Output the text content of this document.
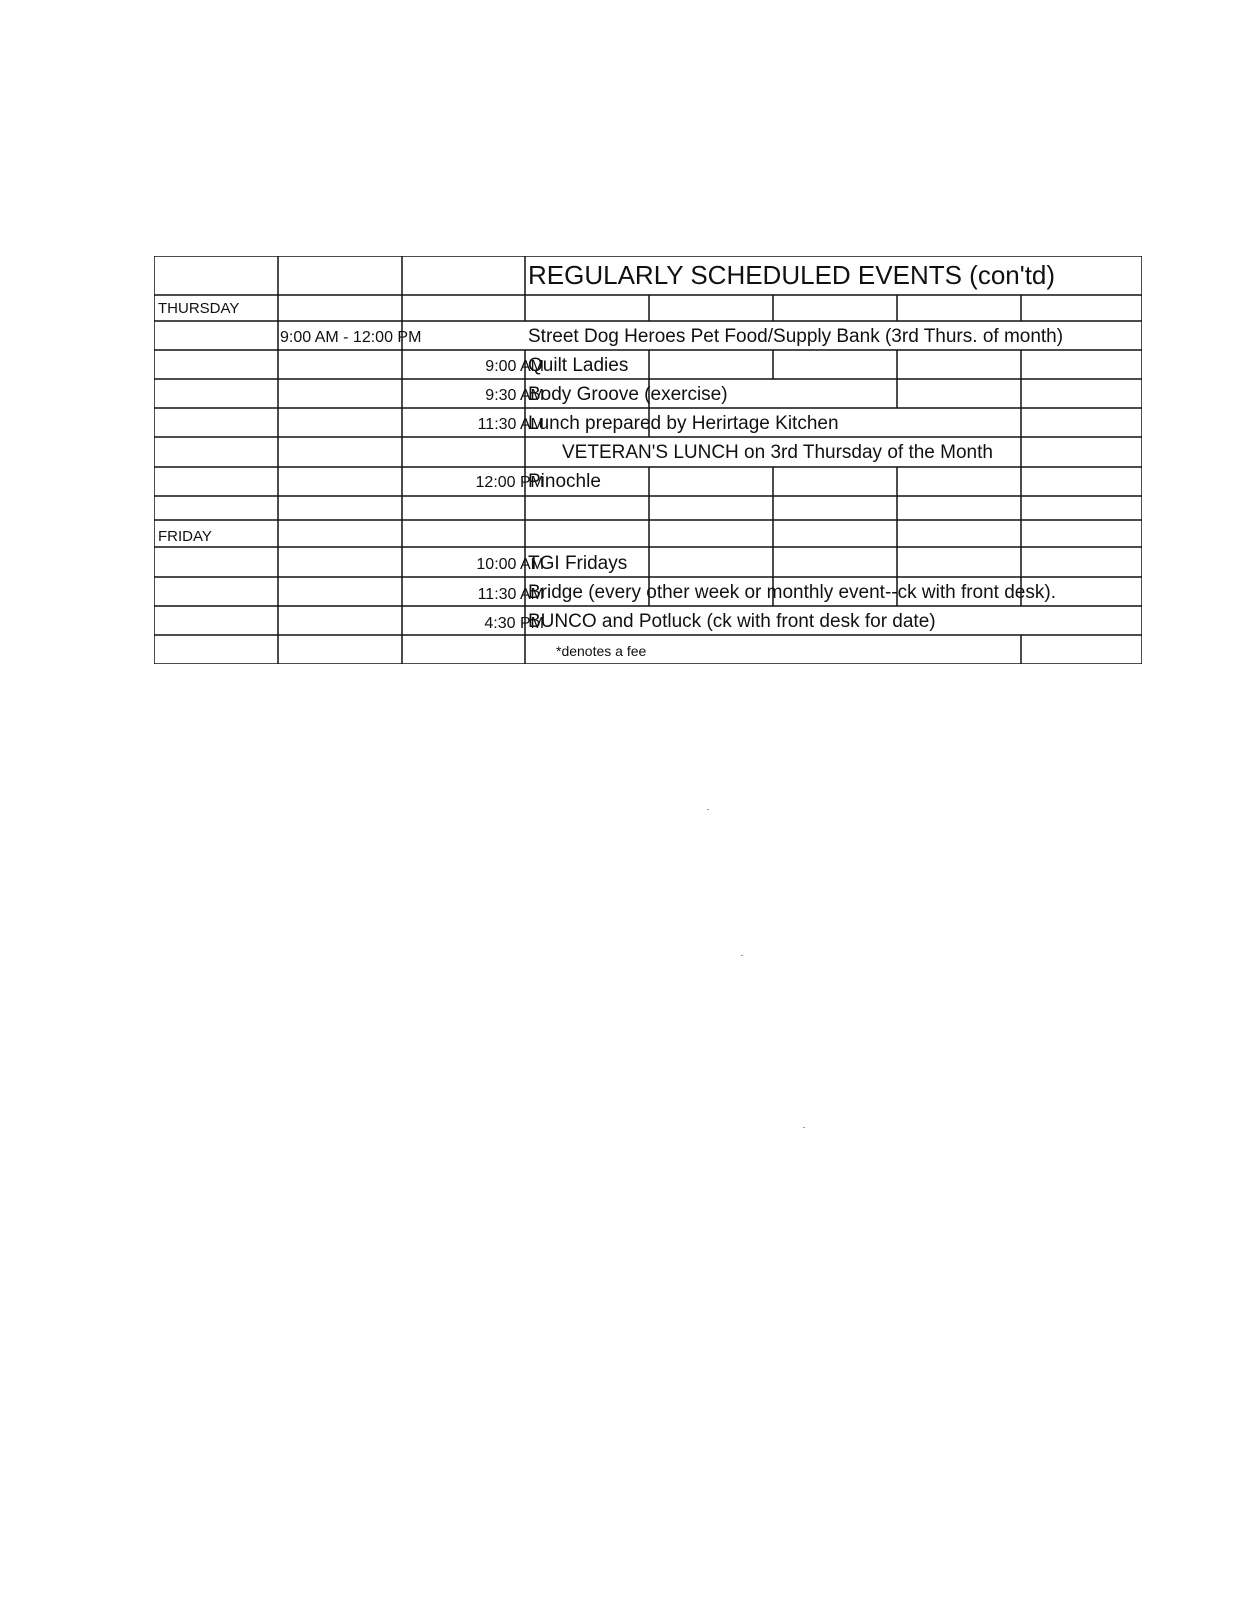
REGULARLY SCHEDULED EVENTS (con'td)
THURSDAY
9:00 AM - 12:00 PM	Street Dog Heroes Pet Food/Supply Bank (3rd Thurs. of month)
9:00 AM
Quilt Ladies
9:30 AM
Body Groove (exercise)
11:30 AM
Lunch prepared by Herirtage Kitchen
VETERAN'S LUNCH on 3rd Thursday of the Month
12:00 PM
Pinochle
FRIDAY
10:00 AM
TGI Fridays
11:30 AM
Bridge (every other week or monthly event--ck with front desk).
4:30 PM
BUNCO and Potluck (ck with front desk for date)
*denotes a fee
